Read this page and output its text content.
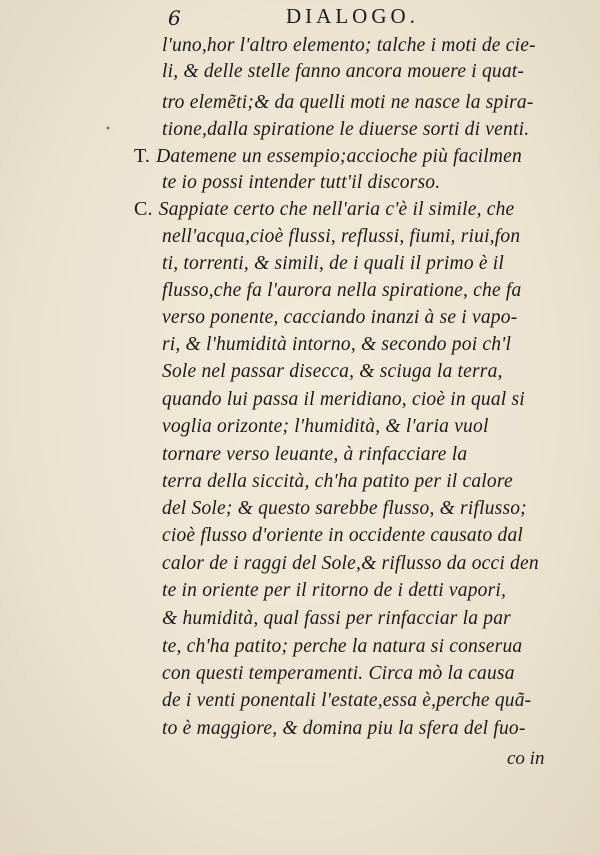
6	DIALOGO.
l'uno,hor l'altro elemento; talche i moti de cie-
li, & delle stelle fanno ancora mouere i quat-
tro elemẽti;& da quelli moti ne nasce la spira-
tione,dalla spiratione le diuerse sorti di venti.
T. Datemene un essempio;accioche più facilmen
te io possi intender tutt'il discorso.
C. Sappiate certo che nell'aria c'è il simile, che
nell'acqua,cioè flussi, reflussi, fiumi, riui,fon
ti, torrenti, & simili, de i quali il primo è il
flusso,che fa l'aurora nella spiratione, che fa
verso ponente, cacciando inanzi à se i vapo-
ri, & l'humidità intorno, & secondo poi ch'l
Sole nel passar disecca, & sciuga la terra,
quando lui passa il meridiano, cioè in qual si
voglia orizonte; l'humidità, & l'aria vuol
tornare verso leuante, à rinfacciare la
terra della siccità, ch'ha patito per il calore
del Sole; & questo sarebbe flusso, & riflusso;
cioè flusso d'oriente in occidente causato dal
calor de i raggi del Sole,& riflusso da occi den
te in oriente per il ritorno de i detti vapori,
& humidità, qual fassi per rinfacciar la par
te, ch'ha patito; perche la natura si conserua
con questi temperamenti. Circa mò la causa
de i venti ponentali l'estate,essa è,perche quã-
to è maggiore, & domina piu la sfera del fuo-
•
co in
